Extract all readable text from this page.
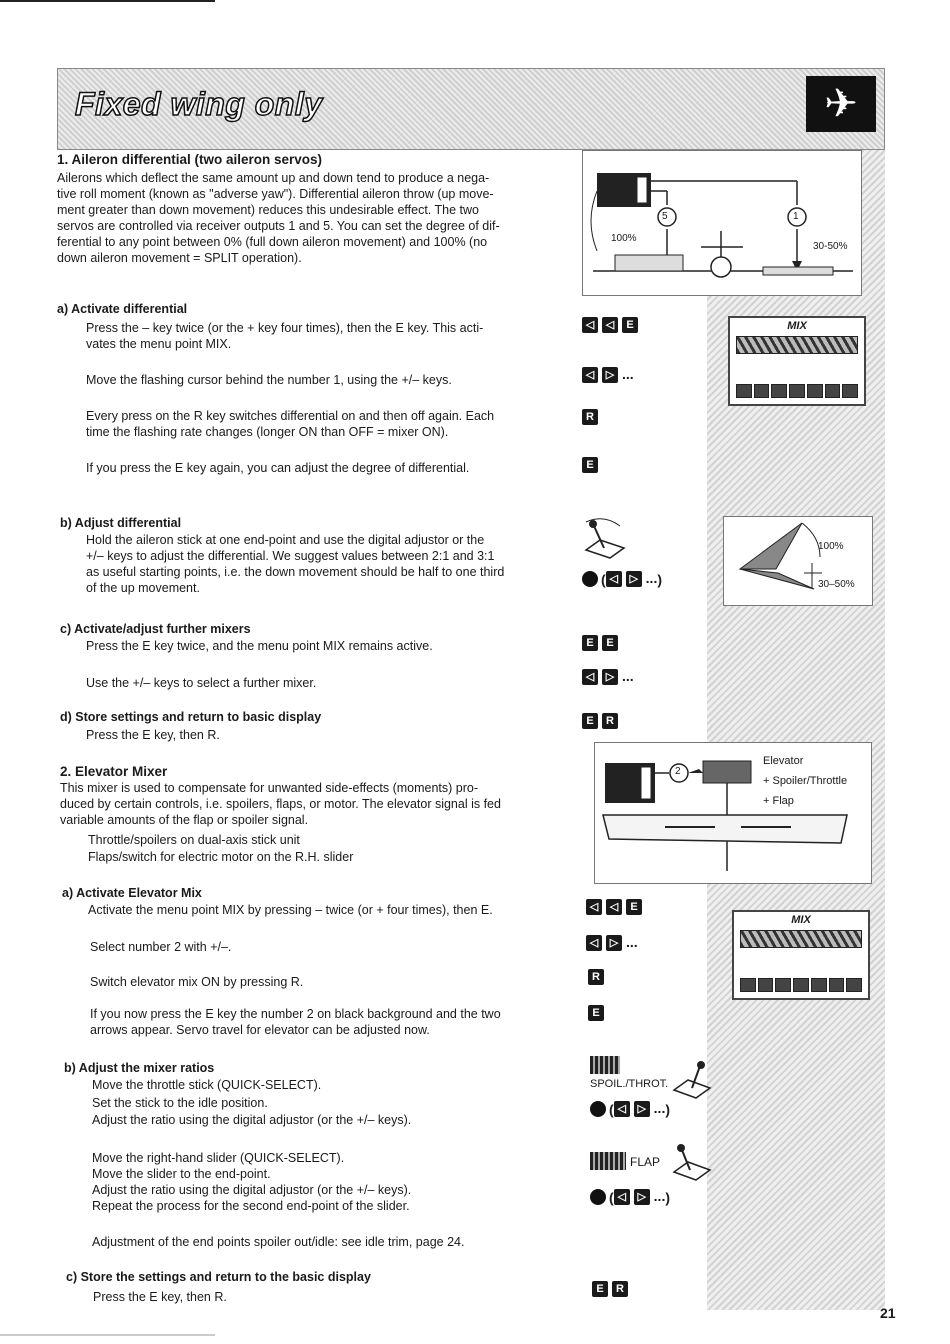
Fixed wing only	✈

1. Aileron differential (two aileron servos)

Ailerons which deflect the same amount up and down tend to produce a nega-

tive roll moment (known as "adverse yaw"). Differential aileron throw (up move-

ment greater than down movement) reduces this undesirable effect. The two

servos are controlled via receiver outputs 1 and 5. You can set the degree of dif-

ferential to any point between 0% (full down aileron movement) and 100% (no

down aileron movement = SPLIT operation).

a) Activate differential

Press the – key twice (or the + key four times), then the E key. This acti-

vates the menu point MIX.

Move the flashing cursor behind the number 1, using the +/– keys.

Every press on the R key switches differential on and then off again. Each

time the flashing rate changes (longer ON than OFF = mixer ON).

If you press the E key again, you can adjust the degree of differential.

b) Adjust differential

Hold the aileron stick at one end-point and use the digital adjustor or the

+/– keys to adjust the differential. We suggest values between 2:1 and 3:1

as useful starting points, i.e. the down movement should be half to one third

of the up movement.

c) Activate/adjust further mixers

Press the E key twice, and the menu point MIX remains active.

Use the +/– keys to select a further mixer.

d) Store settings and return to basic display

Press the E key, then R.

2. Elevator Mixer

This mixer is used to compensate for unwanted side-effects (moments) pro-

duced by certain controls, i.e. spoilers, flaps, or motor. The elevator signal is fed

variable amounts of the flap or spoiler signal.

Throttle/spoilers on dual-axis stick unit

Flaps/switch for electric motor on the R.H. slider

a) Activate Elevator Mix

Activate the menu point MIX by pressing – twice (or + four times), then E.

Select number 2 with +/–.

Switch elevator mix ON by pressing R.

If you now press the E key the number 2 on black background and the two

arrows appear. Servo travel for elevator can be adjusted now.

b) Adjust the mixer ratios

Move the throttle stick (QUICK-SELECT).

Set the stick to the idle position.

Adjust the ratio using the digital adjustor (or the +/– keys).

Move the right-hand slider (QUICK-SELECT).

Move the slider to the end-point.

Adjust the ratio using the digital adjustor (or the +/– keys).

Repeat the process for the second end-point of the slider.

Adjustment of the end points spoiler out/idle: see idle trim, page 24.

c) Store the settings and return to the basic display

Press the E key, then R.

◁ ◁ E
◁ ▷ ...
R
E
( ◁ ▷ ...)
E E
◁ ▷ ...
E R
◁ ◁ E
◁ ▷ ...
R
E
SPOIL./THROT.
( ◁ ▷ ...)
FLAP
( ◁ ▷ ...)
E R
5	1
100%
30-50%
MIX
100%
30–50%
2
Elevator
+ Spoiler/Throttle
+ Flap
MIX
21
